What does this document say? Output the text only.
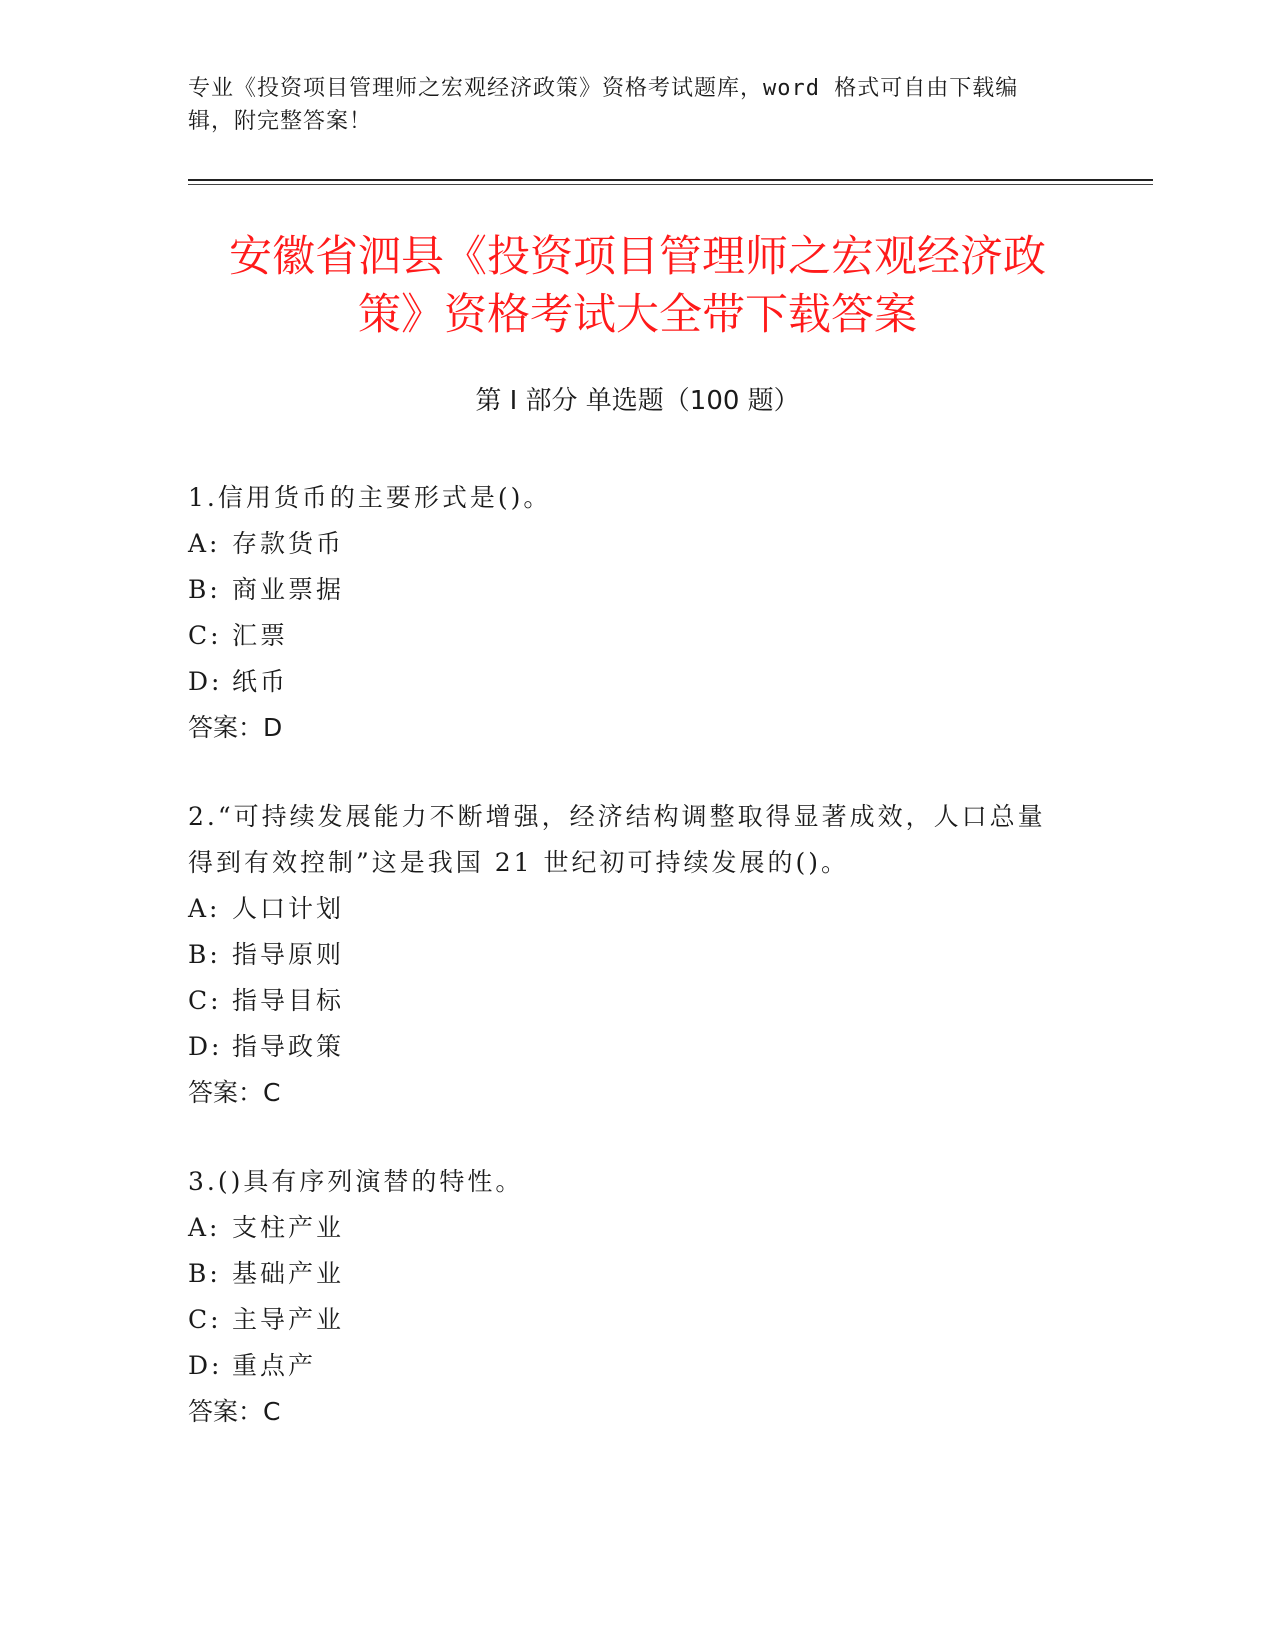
专业《投资项目管理师之宏观经济政策》资格考试题库，word 格式可自由下载编
辑，附完整答案！
安徽省泗县《投资项目管理师之宏观经济政
策》资格考试大全带下载答案
第 I 部分 单选题（100 题）

1.信用货币的主要形式是()。

A: 存款货币

B: 商业票据

C: 汇票

D: 纸币

答案：D

2.“可持续发展能力不断增强，经济结构调整取得显著成效，人口总量得到有效控制”这是我国 21 世纪初可持续发展的()。

A: 人口计划

B: 指导原则

C: 指导目标

D: 指导政策

答案：C

3.()具有序列演替的特性。

A: 支柱产业

B: 基础产业

C: 主导产业

D: 重点产

答案：C
